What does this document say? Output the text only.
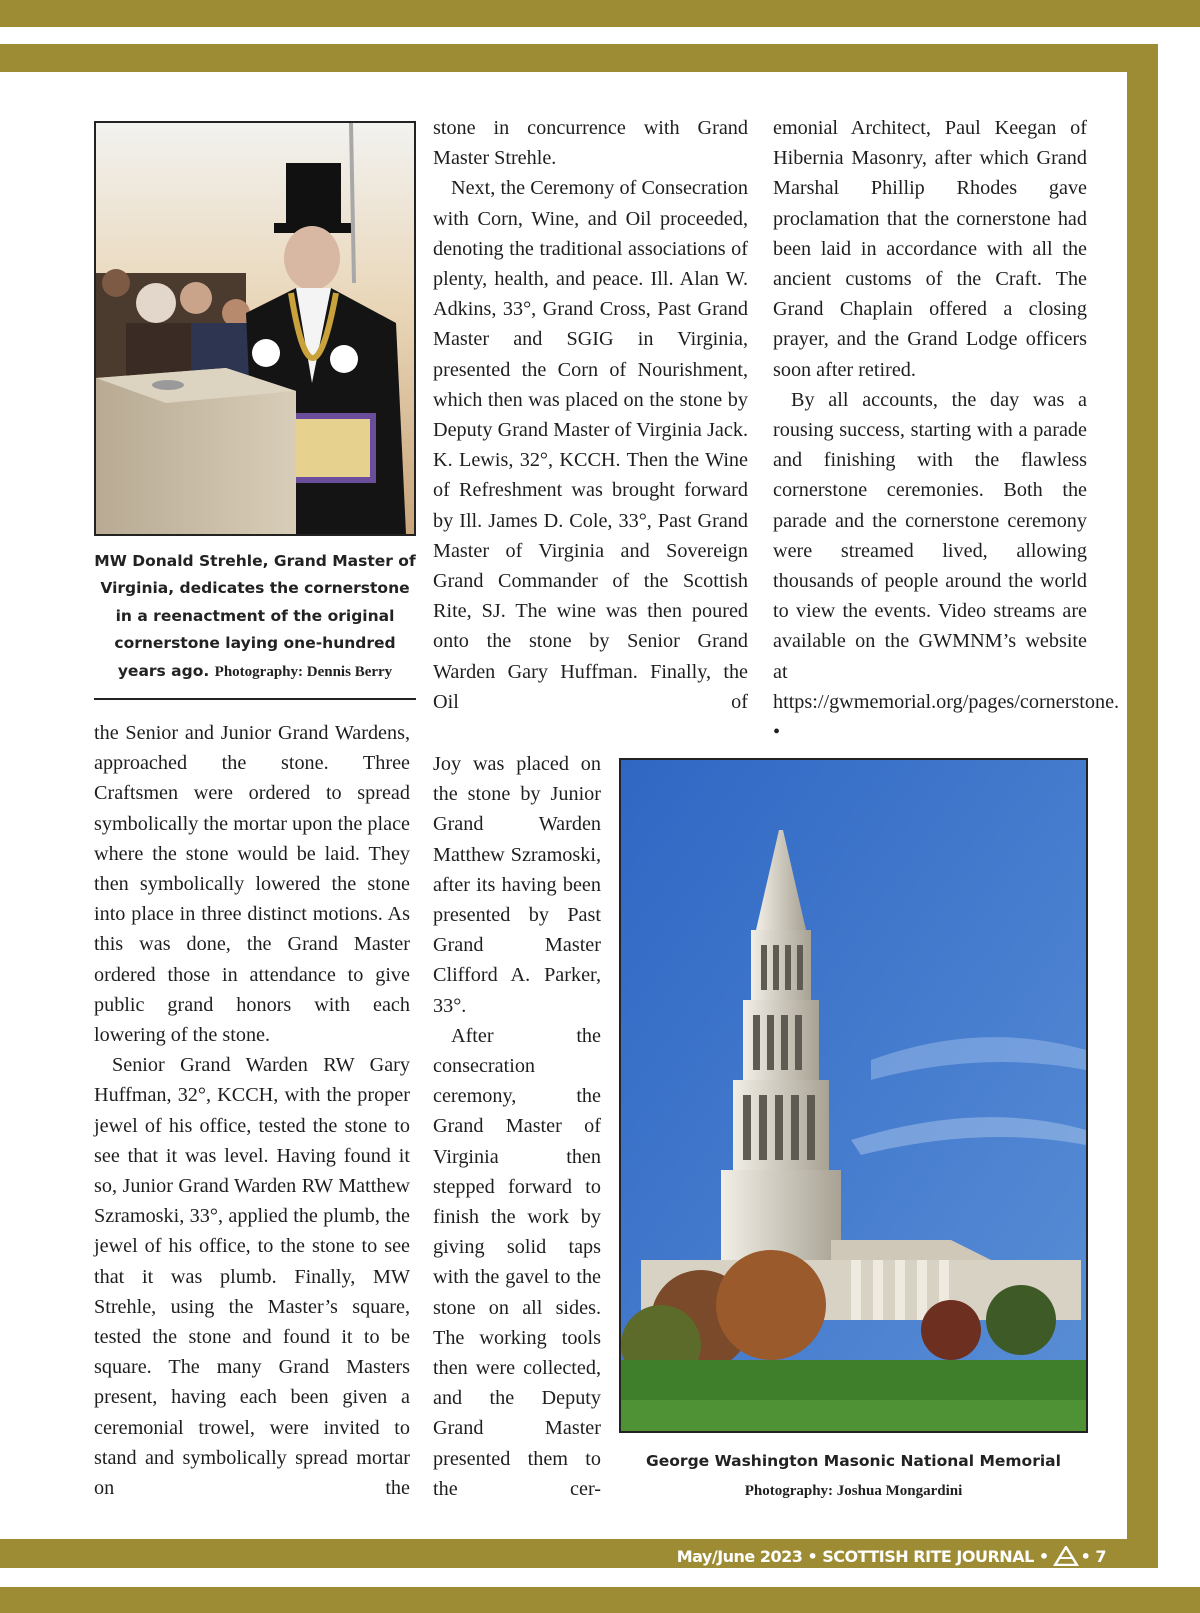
MW Donald Strehle, Grand Master of Virginia, dedicates the cornerstone in a reenactment of the original cornerstone laying one-hundred years ago. Photography: Dennis Berry

the Senior and Junior Grand Wardens, approached the stone. Three Craftsmen were ordered to spread symbolically the mortar upon the place where the stone would be laid. They then symbolically lowered the stone into place in three distinct motions. As this was done, the Grand Master ordered those in attendance to give public grand honors with each lowering of the stone.

Senior Grand Warden RW Gary Huffman, 32°, KCCH, with the proper jewel of his office, tested the stone to see that it was level. Having found it so, Junior Grand Warden RW Matthew Szramoski, 33°, applied the plumb, the jewel of his office, to the stone to see that it was plumb. Finally, MW Strehle, using the Master’s square, tested the stone and found it to be square. The many Grand Masters present, having each been given a ceremonial trowel, were invited to stand and symbolically spread mortar on the

stone in concurrence with Grand Master Strehle.

Next, the Ceremony of Consecration with Corn, Wine, and Oil proceeded, denoting the traditional associations of plenty, health, and peace. Ill. Alan W. Adkins, 33°, Grand Cross, Past Grand Master and SGIG in Virginia, presented the Corn of Nourishment, which then was placed on the stone by Deputy Grand Master of Virginia Jack. K. Lewis, 32°, KCCH. Then the Wine of Refreshment was brought forward by Ill. James D. Cole, 33°, Past Grand Master of Virginia and Sovereign Grand Commander of the Scottish Rite, SJ. The wine was then poured onto the stone by Senior Grand Warden Gary Huffman. Finally, the Oil of

Joy was placed on the stone by Junior Grand Warden Matthew Szramoski, after its having been presented by Past Grand Master Clifford A. Parker, 33°.

After the consecration ceremony, the Grand Master of Virginia then stepped forward to finish the work by giving solid taps with the gavel to the stone on all sides. The working tools then were collected, and the Deputy Grand Master presented them to the cer-

emonial Architect, Paul Keegan of Hibernia Masonry, after which Grand Marshal Phillip Rhodes gave proclamation that the cornerstone had been laid in accordance with all the ancient customs of the Craft. The Grand Chaplain offered a closing prayer, and the Grand Lodge officers soon after retired.

By all accounts, the day was a rousing success, starting with a parade and finishing with the flawless cornerstone ceremonies. Both the parade and the cornerstone ceremony were streamed lived, allowing thousands of people around the world to view the events. Video streams are available on the GWMNM’s website at https://gwmemorial.org/pages/cornerstone. •

George Washington Masonic National Memorial
Photography: Joshua Mongardini
May/June 2023 • SCOTTISH RITE JOURNAL • • 7
